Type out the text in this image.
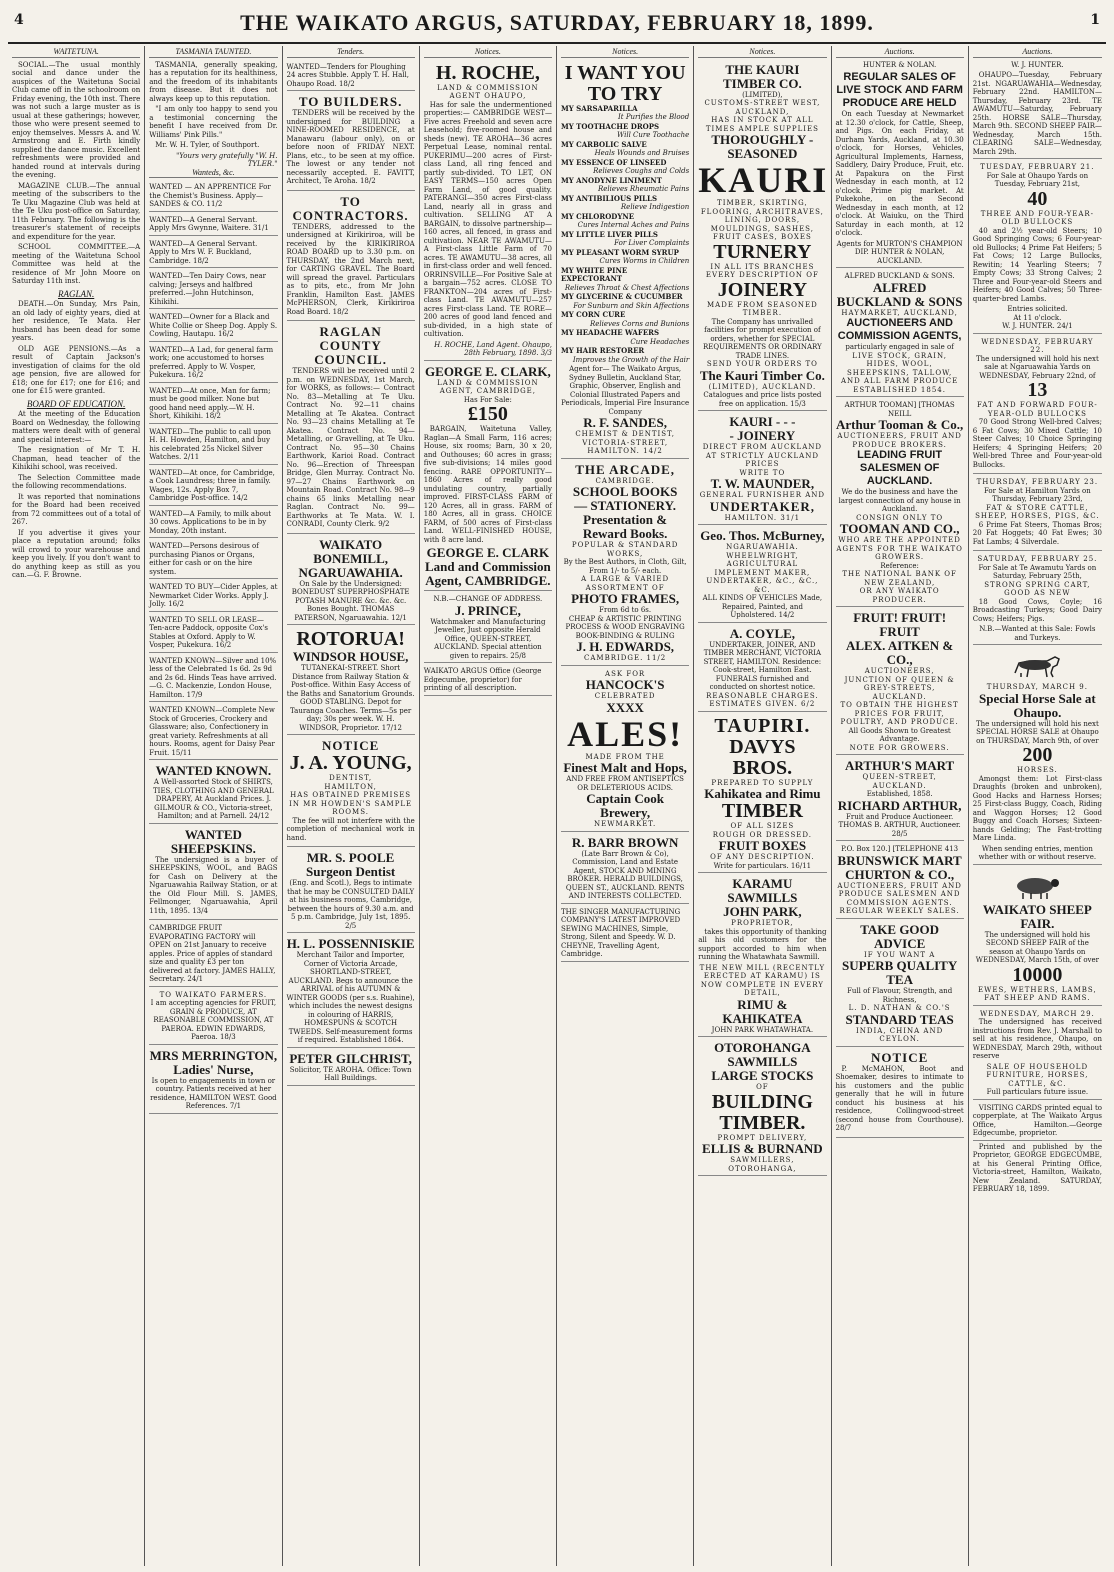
4	THE WAIKATO ARGUS, SATURDAY, FEBRUARY 18, 1899.	1
WAITETUNA.
SOCIAL.—The usual monthly social and dance under the auspices of the Waitetuna Social Club came off in the schoolroom on Friday evening, the 10th inst. There was not such a large muster as is usual at these gatherings; however, those who were present seemed to enjoy themselves. Messrs A. and W. Armstrong and E. Firth kindly supplied the dance music. Excellent refreshments were provided and handed round at intervals during the evening.
MAGAZINE CLUB.—The annual meeting of the subscribers to the Te Uku Magazine Club was held at the Te Uku post-office on Saturday, 11th February. The following is the treasurer's statement of receipts and expenditure for the year.
SCHOOL COMMITTEE.—A meeting of the Waitetuna School Committee was held at the residence of Mr John Moore on Saturday 11th inst.
RAGLAN.
DEATH.—On Sunday, Mrs Pain, an old lady of eighty years, died at her residence, Te Mata. Her husband has been dead for some years.
OLD AGE PENSIONS.—As a result of Captain Jackson's investigation of claims for the old age pension, five are allowed for £18; one for £17; one for £16; and one for £15 were granted.
BOARD OF EDUCATION.
At the meeting of the Education Board on Wednesday, the following matters were dealt with of general and special interest:—
The resignation of Mr T. H. Chapman, head teacher of the Kihikihi school, was received.
The Selection Committee made the following recommendations.
It was reported that nominations for the Board had been received from 72 committees out of a total of 267.
If you advertise it gives your place a reputation around; folks will crowd to your warehouse and keep you lively. If you don't want to do anything keep as still as you can.—G. F. Browne.
TASMANIA TAUNTED.
TASMANIA, generally speaking, has a reputation for its healthiness, and the freedom of its inhabitants from disease. But it does not always keep up to this reputation.
"I am only too happy to send you a testimonial concerning the benefit I have received from Dr. Williams' Pink Pills."
Mr. W. H. Tyler, of Southport.
"Yours very gratefully "W. H. TYLER."
Wanteds, &c.
WANTED — AN APPRENTICE For the Chemist's Business. Apply—SANDES & CO. 11/2
WANTED—A General Servant. Apply Mrs Gwynne, Waitere. 31/1
WANTED—A General Servant. Apply to Mrs W. F. Buckland, Cambridge. 18/2
WANTED—Ten Dairy Cows, near calving; Jerseys and halfbred preferred.—John Hutchinson, Kihikihi.
WANTED—Owner for a Black and White Collie or Sheep Dog. Apply S. Cowling, Hautapu. 16/2
WANTED—A Lad, for general farm work; one accustomed to horses preferred. Apply to W. Vosper, Pukekura. 16/2
WANTED—At once, Man for farm; must be good milker. None but good hand need apply.—W. H. Short, Kihikihi. 18/2
WANTED—The public to call upon H. H. Howden, Hamilton, and buy his celebrated 25s Nickel Silver Watches. 2/11
WANTED—At once, for Cambridge, a Cook Laundress; three in family. Wages, 12s. Apply Box 7, Cambridge Post-office. 14/2
WANTED—A Family, to milk about 30 cows. Applications to be in by Monday, 20th instant.
WANTED—Persons desirous of purchasing Pianos or Organs, either for cash or on the hire system.
WANTED TO BUY—Cider Apples, at Newmarket Cider Works. Apply J. Jolly. 16/2
WANTED TO SELL OR LEASE—Ten-acre Paddock, opposite Cox's Stables at Oxford. Apply to W. Vosper, Pukekura. 16/2
WANTED KNOWN—Silver and 10% less of the Celebrated 1s 6d. 2s 9d and 2s 6d. Hinds Teas have arrived.—G. C. Mackenzie, London House, Hamilton. 17/9
WANTED KNOWN—Complete New Stock of Groceries, Crockery and Glassware; also, Confectionery in great variety. Refreshments at all hours. Rooms, agent for Daisy Pear Fruit. 15/11
WANTED KNOWN.
A Well-assorted Stock of SHIRTS, TIES, CLOTHING AND GENERAL DRAPERY, At Auckland Prices. J. GILMOUR & CO., Victoria-street, Hamilton; and at Parnell. 24/12
WANTED SHEEPSKINS.
The undersigned is a buyer of SHEEPSKINS, WOOL, and BAGS for Cash on Delivery at the Ngaruawahia Railway Station, or at the Old Flour Mill. S. JAMES, Fellmonger, Ngaruawahia, April 11th, 1895. 13/4
CAMBRIDGE FRUIT EVAPORATING FACTORY will OPEN on 21st January to receive apples. Price of apples of standard size and quality £3 per ton delivered at factory. JAMES HALLY, Secretary. 24/1
TO WAIKATO FARMERS.
I am accepting agencies for FRUIT, GRAIN & PRODUCE, AT REASONABLE COMMISSION, AT PAEROA. EDWIN EDWARDS, Paeroa. 18/3
MRS MERRINGTON, Ladies' Nurse,
Is open to engagements in town or country. Patients received at her residence, HAMILTON WEST. Good References. 7/1
Tenders.
WANTED—Tenders for Ploughing 24 acres Stubble. Apply T. H. Hall, Ohaupo Road. 18/2
TO BUILDERS.
TENDERS will be received by the undersigned for BUILDING a NINE-ROOMED RESIDENCE, at Manawaru (labour only), on or before noon of FRIDAY NEXT. Plans, etc., to be seen at my office. The lowest or any tender not necessarily accepted. E. FAVITT, Architect, Te Aroha. 18/2
TO CONTRACTORS.
TENDERS, addressed to the undersigned at Kirikiriroa, will be received by the KIRIKIRIROA ROAD BOARD up to 3.30 p.m. on THURSDAY, the 2nd March next, for CARTING GRAVEL. The Board will spread the gravel. Particulars as to pits, etc., from Mr John Franklin, Hamilton East. JAMES McPHERSON, Clerk, Kirikiriroa Road Board. 18/2
RAGLAN COUNTY COUNCIL.
TENDERS will be received until 2 p.m. on WEDNESDAY, 1st March, for WORKS, as follows:— Contract No. 83—Metalling at Te Uku. Contract No. 92—11 chains Metalling at Te Akatea. Contract No. 93—23 chains Metalling at Te Akatea. Contract No. 94—Metalling, or Gravelling, at Te Uku. Contract No. 95—30 Chains Earthwork, Karioi Road. Contract No. 96—Erection of Threespan Bridge, Glen Murray. Contract No. 97—27 Chains Earthwork on Mountain Road. Contract No. 98—9 chains 65 links Metalling near Raglan. Contract No. 99—Earthworks at Te Mata. W. I. CONRADI, County Clerk. 9/2
WAIKATO BONEMILL, NGARUAWAHIA.
On Sale by the Undersigned: BONEDUST SUPERPHOSPHATE POTASH MANURE &c. &c. &c. Bones Bought. THOMAS PATERSON, Ngaruawahia. 12/1
ROTORUA!
WINDSOR HOUSE,
TUTANEKAI-STREET. Short Distance from Railway Station & Post-office. Within Easy Access of the Baths and Sanatorium Grounds. GOOD STABLING. Depot for Tauranga Coaches. Terms—5s per day; 30s per week. W. H. WINDSOR, Proprietor. 17/12
NOTICE
J. A. YOUNG,
DENTIST,
HAMILTON,
HAS OBTAINED PREMISES IN MR HOWDEN'S SAMPLE ROOMS.
The fee will not interfere with the completion of mechanical work in hand.
MR. S. POOLE Surgeon Dentist
(Eng. and Scotl.), Begs to intimate that he may be CONSULTED DAILY at his business rooms, Cambridge, between the hours of 9.30 a.m. and 5 p.m. Cambridge, July 1st, 1895. 2/5
H. L. POSSENNISKIE
Merchant Tailor and Importer, Corner of Victoria Arcade, SHORTLAND-STREET, AUCKLAND. Begs to announce the ARRIVAL of his AUTUMN & WINTER GOODS (per s.s. Ruahine), which includes the newest designs in colouring of HARRIS, HOMESPUNS & SCOTCH TWEEDS. Self-measurement forms if required. Established 1864.
PETER GILCHRIST,
Solicitor, TE AROHA. Office: Town Hall Buildings.
Notices.
H. ROCHE,
LAND & COMMISSION AGENT OHAUPO,
Has for sale the undermentioned properties:— CAMBRIDGE WEST—Five acres Freehold and seven acre Leasehold; five-roomed house and sheds (new). TE AROHA—36 acres Perpetual Lease, nominal rental. PUKERIMU—200 acres of First-class Land, all ring fenced and partly sub-divided. TO LET, ON EASY TERMS—150 acres Open Farm Land, of good quality. PATERANGI—350 acres First-class Land, nearly all in grass and cultivation. SELLING AT A BARGAIN, to dissolve partnership—160 acres, all fenced, in grass and cultivation. NEAR TE AWAMUTU—A First-class Little Farm of 70 acres. TE AWAMUTU—38 acres, all in first-class order and well fenced. ORRINSVILLE—For Positive Sale at a bargain—752 acres. CLOSE TO FRANKTON—204 acres of First-class Land. TE AWAMUTU—257 acres First-class Land. TE RORE—200 acres of good land fenced and sub-divided, in a high state of cultivation.
H. ROCHE, Land Agent. Ohaupo, 28th February, 1898. 3/3
GEORGE E. CLARK,
LAND & COMMISSION AGENT, CAMBRIDGE,
Has For Sale:
£150
BARGAIN, Waitetuna Valley, Raglan—A Small Farm, 116 acres; House, six rooms; Barn, 30 x 20, and Outhouses; 60 acres in grass; five sub-divisions; 14 miles good fencing. RARE OPPORTUNITY—1860 Acres of really good undulating country, partially improved. FIRST-CLASS FARM of 120 Acres, all in grass. FARM of 180 Acres, all in grass. CHOICE FARM, of 500 acres of First-class Land. WELL-FINISHED HOUSE, with 8 acre land.
GEORGE E. CLARK Land and Commission Agent, CAMBRIDGE.
N.B.—CHANGE OF ADDRESS.
J. PRINCE,
Watchmaker and Manufacturing Jeweller, Just opposite Herald Office, QUEEN-STREET, AUCKLAND. Special attention given to repairs. 25/8
WAIKATO ARGUS Office (George Edgecumbe, proprietor) for printing of all description.
Notices.
I WANT YOU TO TRY
MY SARSAPARILLA
It Purifies the Blood
MY TOOTHACHE DROPS
Will Cure Toothache
MY CARBOLIC SALVE
Heals Wounds and Bruises
MY ESSENCE OF LINSEED
Relieves Coughs and Colds
MY ANODYNE LINIMENT
Relieves Rheumatic Pains
MY ANTIBILIOUS PILLS
Relieve Indigestion
MY CHLORODYNE
Cures Internal Aches and Pains
MY LITTLE LIVER PILLS
For Liver Complaints
MY PLEASANT WORM SYRUP
Cures Worms in Children
MY WHITE PINE EXPECTORANT
Relieves Throat & Chest Affections
MY GLYCERINE & CUCUMBER
For Sunburn and Skin Affections
MY CORN CURE
Relieves Corns and Bunions
MY HEADACHE WAFERS
Cure Headaches
MY HAIR RESTORER
Improves the Growth of the Hair
Agent for— The Waikato Argus, Sydney Bulletin, Auckland Star, Graphic, Observer, English and Colonial Illustrated Papers and Periodicals, Imperial Fire Insurance Company
R. F. SANDES,
CHEMIST & DENTIST,
VICTORIA-STREET, HAMILTON. 14/2
THE ARCADE,
CAMBRIDGE.
SCHOOL BOOKS
— STATIONERY.
Presentation & Reward Books.
POPULAR & STANDARD WORKS,
By the Best Authors, in Cloth, Gilt, From 1/- to 5/- each.
A LARGE & VARIED ASSORTMENT OF
PHOTO FRAMES,
From 6d to 6s.
CHEAP & ARTISTIC PRINTING
PROCESS & WOOD ENGRAVING
BOOK-BINDING & RULING
J. H. EDWARDS,
CAMBRIDGE. 11/2
ASK FOR
HANCOCK'S
CELEBRATED
XXXX
ALES!
MADE FROM THE
Finest Malt and Hops,
AND FREE FROM ANTISEPTICS OR DELETERIOUS ACIDS.
Captain Cook Brewery,
NEWMARKET.
R. BARR BROWN
(Late Barr Brown & Co), Commission, Land and Estate Agent, STOCK AND MINING BROKER. HERALD BUILDINGS, QUEEN ST., AUCKLAND. RENTS AND INTERESTS COLLECTED.
THE SINGER MANUFACTURING COMPANY'S LATEST IMPROVED SEWING MACHINES, Simple, Strong, Silent and Speedy. W. D. CHEYNE, Travelling Agent, Cambridge.
Notices.
THE KAURI TIMBER CO.
(LIMITED),
CUSTOMS-STREET WEST, AUCKLAND,
HAS IN STOCK AT ALL TIMES AMPLE SUPPLIES
THOROUGHLY - SEASONED
KAURI
TIMBER, SKIRTING, FLOORING, ARCHITRAVES, LINING, DOORS, MOULDINGS, SASHES, FRUIT CASES, BOXES
TURNERY
IN ALL ITS BRANCHES
EVERY DESCRIPTION OF
JOINERY
MADE FROM SEASONED TIMBER.
The Company has unrivalled facilities for prompt execution of orders, whether for SPECIAL REQUIREMENTS OR ORDINARY TRADE LINES.
SEND YOUR ORDERS TO
The Kauri Timber Co.
(LIMITED), AUCKLAND.
Catalogues and price lists posted free on application. 15/3
KAURI - - -
- JOINERY
DIRECT FROM AUCKLAND AT STRICTLY AUCKLAND PRICES
WRITE TO
T. W. MAUNDER,
GENERAL FURNISHER AND
UNDERTAKER,
HAMILTON. 31/1
Geo. Thos. McBurney,
NGARUAWAHIA.
WHEELWRIGHT, AGRICULTURAL IMPLEMENT MAKER, UNDERTAKER, &C., &C., &C.
ALL KINDS OF VEHICLES Made, Repaired, Painted, and Upholstered. 14/2
A. COYLE,
UNDERTAKER, JOINER, AND TIMBER MERCHANT, VICTORIA STREET, HAMILTON. Residence: Cook-street, Hamilton East. FUNERALS furnished and conducted on shortest notice.
REASONABLE CHARGES. ESTIMATES GIVEN. 6/2
TAUPIRI.
DAVYS BROS.
PREPARED TO SUPPLY
Kahikatea and Rimu
TIMBER
OF ALL SIZES
ROUGH OR DRESSED.
FRUIT BOXES
OF ANY DESCRIPTION.
Write for particulars. 16/11
KARAMU SAWMILLS
JOHN PARK,
PROPRIETOR,
takes this opportunity of thanking all his old customers for the support accorded to him when running the Whatawhata Sawmill.
THE NEW MILL (RECENTLY ERECTED AT KARAMU) IS NOW COMPLETE IN EVERY DETAIL,
RIMU & KAHIKATEA
JOHN PARK WHATAWHATA.
OTOROHANGA SAWMILLS
LARGE STOCKS
OF
BUILDING TIMBER.
PROMPT DELIVERY,
ELLIS & BURNAND
SAWMILLERS,
OTOROHANGA,
Auctions.
HUNTER & NOLAN.
REGULAR SALES OF LIVE STOCK AND FARM PRODUCE ARE HELD
On each Tuesday at Newmarket at 12.30 o'clock, for Cattle, Sheep, and Pigs. On each Friday, at Durham Yards, Auckland, at 10.30 o'clock, for Horses, Vehicles, Agricultural Implements, Harness, Saddlery, Dairy Produce, Fruit, etc. At Papakura on the First Wednesday in each month, at 12 o'clock. Prime pig market. At Pukekohe, on the Second Wednesday in each month, at 12 o'clock. At Waiuku, on the Third Saturday in each month, at 12 o'clock.
Agents for MURTON'S CHAMPION DIP. HUNTER & NOLAN, AUCKLAND.
ALFRED BUCKLAND & SONS.
ALFRED BUCKLAND & SONS
HAYMARKET, AUCKLAND,
AUCTIONEERS AND COMMISSION AGENTS,
particularly engaged in sale of
LIVE STOCK, GRAIN, HIDES, WOOL, SHEEPSKINS, TALLOW, AND ALL FARM PRODUCE
ESTABLISHED 1854.
ARTHUR TOOMAN] [THOMAS NEILL
Arthur Tooman & Co.,
AUCTIONEERS, FRUIT AND PRODUCE BROKERS.
LEADING FRUIT SALESMEN OF AUCKLAND.
We do the business and have the largest connection of any house in Auckland.
CONSIGN ONLY TO
TOOMAN AND CO.,
WHO ARE THE APPOINTED AGENTS FOR THE WAIKATO GROWERS.
Reference:
THE NATIONAL BANK OF NEW ZEALAND,
OR ANY WAIKATO PRODUCER.
FRUIT! FRUIT! FRUIT
ALEX. AITKEN & CO.,
AUCTIONEERS,
JUNCTION OF QUEEN & GREY-STREETS, AUCKLAND.
TO OBTAIN THE HIGHEST PRICES FOR FRUIT, POULTRY, AND PRODUCE.
All Goods Shown to Greatest Advantage.
NOTE FOR GROWERS.
ARTHUR'S MART
QUEEN-STREET, AUCKLAND.
Established, 1858.
RICHARD ARTHUR,
Fruit and Produce Auctioneer.
THOMAS B. ARTHUR, Auctioneer. 28/5
P.O. Box 120.] [TELEPHONE 413
BRUNSWICK MART
CHURTON & CO.,
AUCTIONEERS, FRUIT AND PRODUCE SALESMEN AND COMMISSION AGENTS. REGULAR WEEKLY SALES.
TAKE GOOD ADVICE
IF YOU WANT A
SUPERB QUALITY TEA
Full of Flavour, Strength, and Richness,
L. D. NATHAN & CO.'S
STANDARD TEAS
INDIA, CHINA AND CEYLON.
NOTICE
P. McMAHON, Boot and Shoemaker, desires to intimate to his customers and the public generally that he will in future conduct his business at his residence, Collingwood-street (second house from Courthouse). 28/7
Auctions.
W. J. HUNTER.
OHAUPO—Tuesday, February 21st. NGARUAWAHIA—Wednesday, February 22nd. HAMILTON—Thursday, February 23rd. TE AWAMUTU—Saturday, February 25th. HORSE SALE—Thursday, March 9th. SECOND SHEEP FAIR—Wednesday, March 15th. CLEARING SALE—Wednesday, March 29th.
TUESDAY, FEBRUARY 21.
For Sale at Ohaupo Yards on Tuesday, February 21st,
40
THREE AND FOUR-YEAR-OLD BULLOCKS
40 and 2½ year-old Steers; 10 Good Springing Cows; 6 Four-year-old Bullocks; 4 Prime Fat Heifers; 5 Fat Cows; 12 Large Bullocks, Rewitin; 14 Yearling Steers; 7 Empty Cows; 33 Strong Calves; 2 Three and Four-year-old Steers and Heifers; 40 Good Calves; 50 Three-quarter-bred Lambs.
Entries solicited.
At 11 o'clock.
W. J. HUNTER. 24/1
WEDNESDAY, FEBRUARY 22.
The undersigned will hold his next sale at Ngaruawahia Yards on WEDNESDAY, February 22nd, of
13
FAT AND FORWARD FOUR-YEAR-OLD BULLOCKS
70 Good Strong Well-bred Calves; 6 Fat Cows; 30 Mixed Cattle; 10 Steer Calves; 10 Choice Springing Heifers; 4 Springing Heifers; 20 Well-bred Three and Four-year-old Bullocks.
THURSDAY, FEBRUARY 23.
For Sale at Hamilton Yards on Thursday, February 23rd,
FAT & STORE CATTLE, SHEEP, HORSES, PIGS, &C.
6 Prime Fat Steers, Thomas Bros; 20 Fat Hoggets; 40 Fat Ewes; 30 Fat Lambs; 4 Silverdale.
SATURDAY, FEBRUARY 25.
For Sale at Te Awamutu Yards on Saturday, February 25th,
STRONG SPRING CART, GOOD AS NEW
18 Good Cows, Coyle; 16 Broadcasting Turkeys; Good Dairy Cows; Heifers; Pigs.
N.B.—Wanted at this Sale: Fowls and Turkeys.
THURSDAY, MARCH 9.
Special Horse Sale at Ohaupo.
The undersigned will hold his next SPECIAL HORSE SALE at Ohaupo on THURSDAY, March 9th, of over
200
HORSES.
Amongst them: Lot First-class Draughts (broken and unbroken), Good Hacks and Harness Horses; 25 First-class Buggy, Coach, Riding and Waggon Horses; 12 Good Buggy and Coach Horses; Sixteen-hands Gelding; The Fast-trotting Mare Linda.
When sending entries, mention whether with or without reserve.
WAIKATO SHEEP FAIR.
The undersigned will hold his SECOND SHEEP FAIR of the season at Ohaupo Yards on WEDNESDAY, March 15th, of over
10000
EWES, WETHERS, LAMBS, FAT SHEEP AND RAMS.
WEDNESDAY, MARCH 29.
The undersigned has received instructions from Rev. J. Marshall to sell at his residence, Ohaupo, on WEDNESDAY, March 29th, without reserve
SALE OF HOUSEHOLD FURNITURE, HORSES, CATTLE, &C.
Full particulars future issue.
VISITING CARDS printed equal to copperplate, at The Waikato Argus Office, Hamilton.—George Edgecumbe, proprietor.
Printed and published by the Proprietor, GEORGE EDGECUMBE, at his General Printing Office, Victoria-street, Hamilton, Waikato, New Zealand. SATURDAY, FEBRUARY 18, 1899.
